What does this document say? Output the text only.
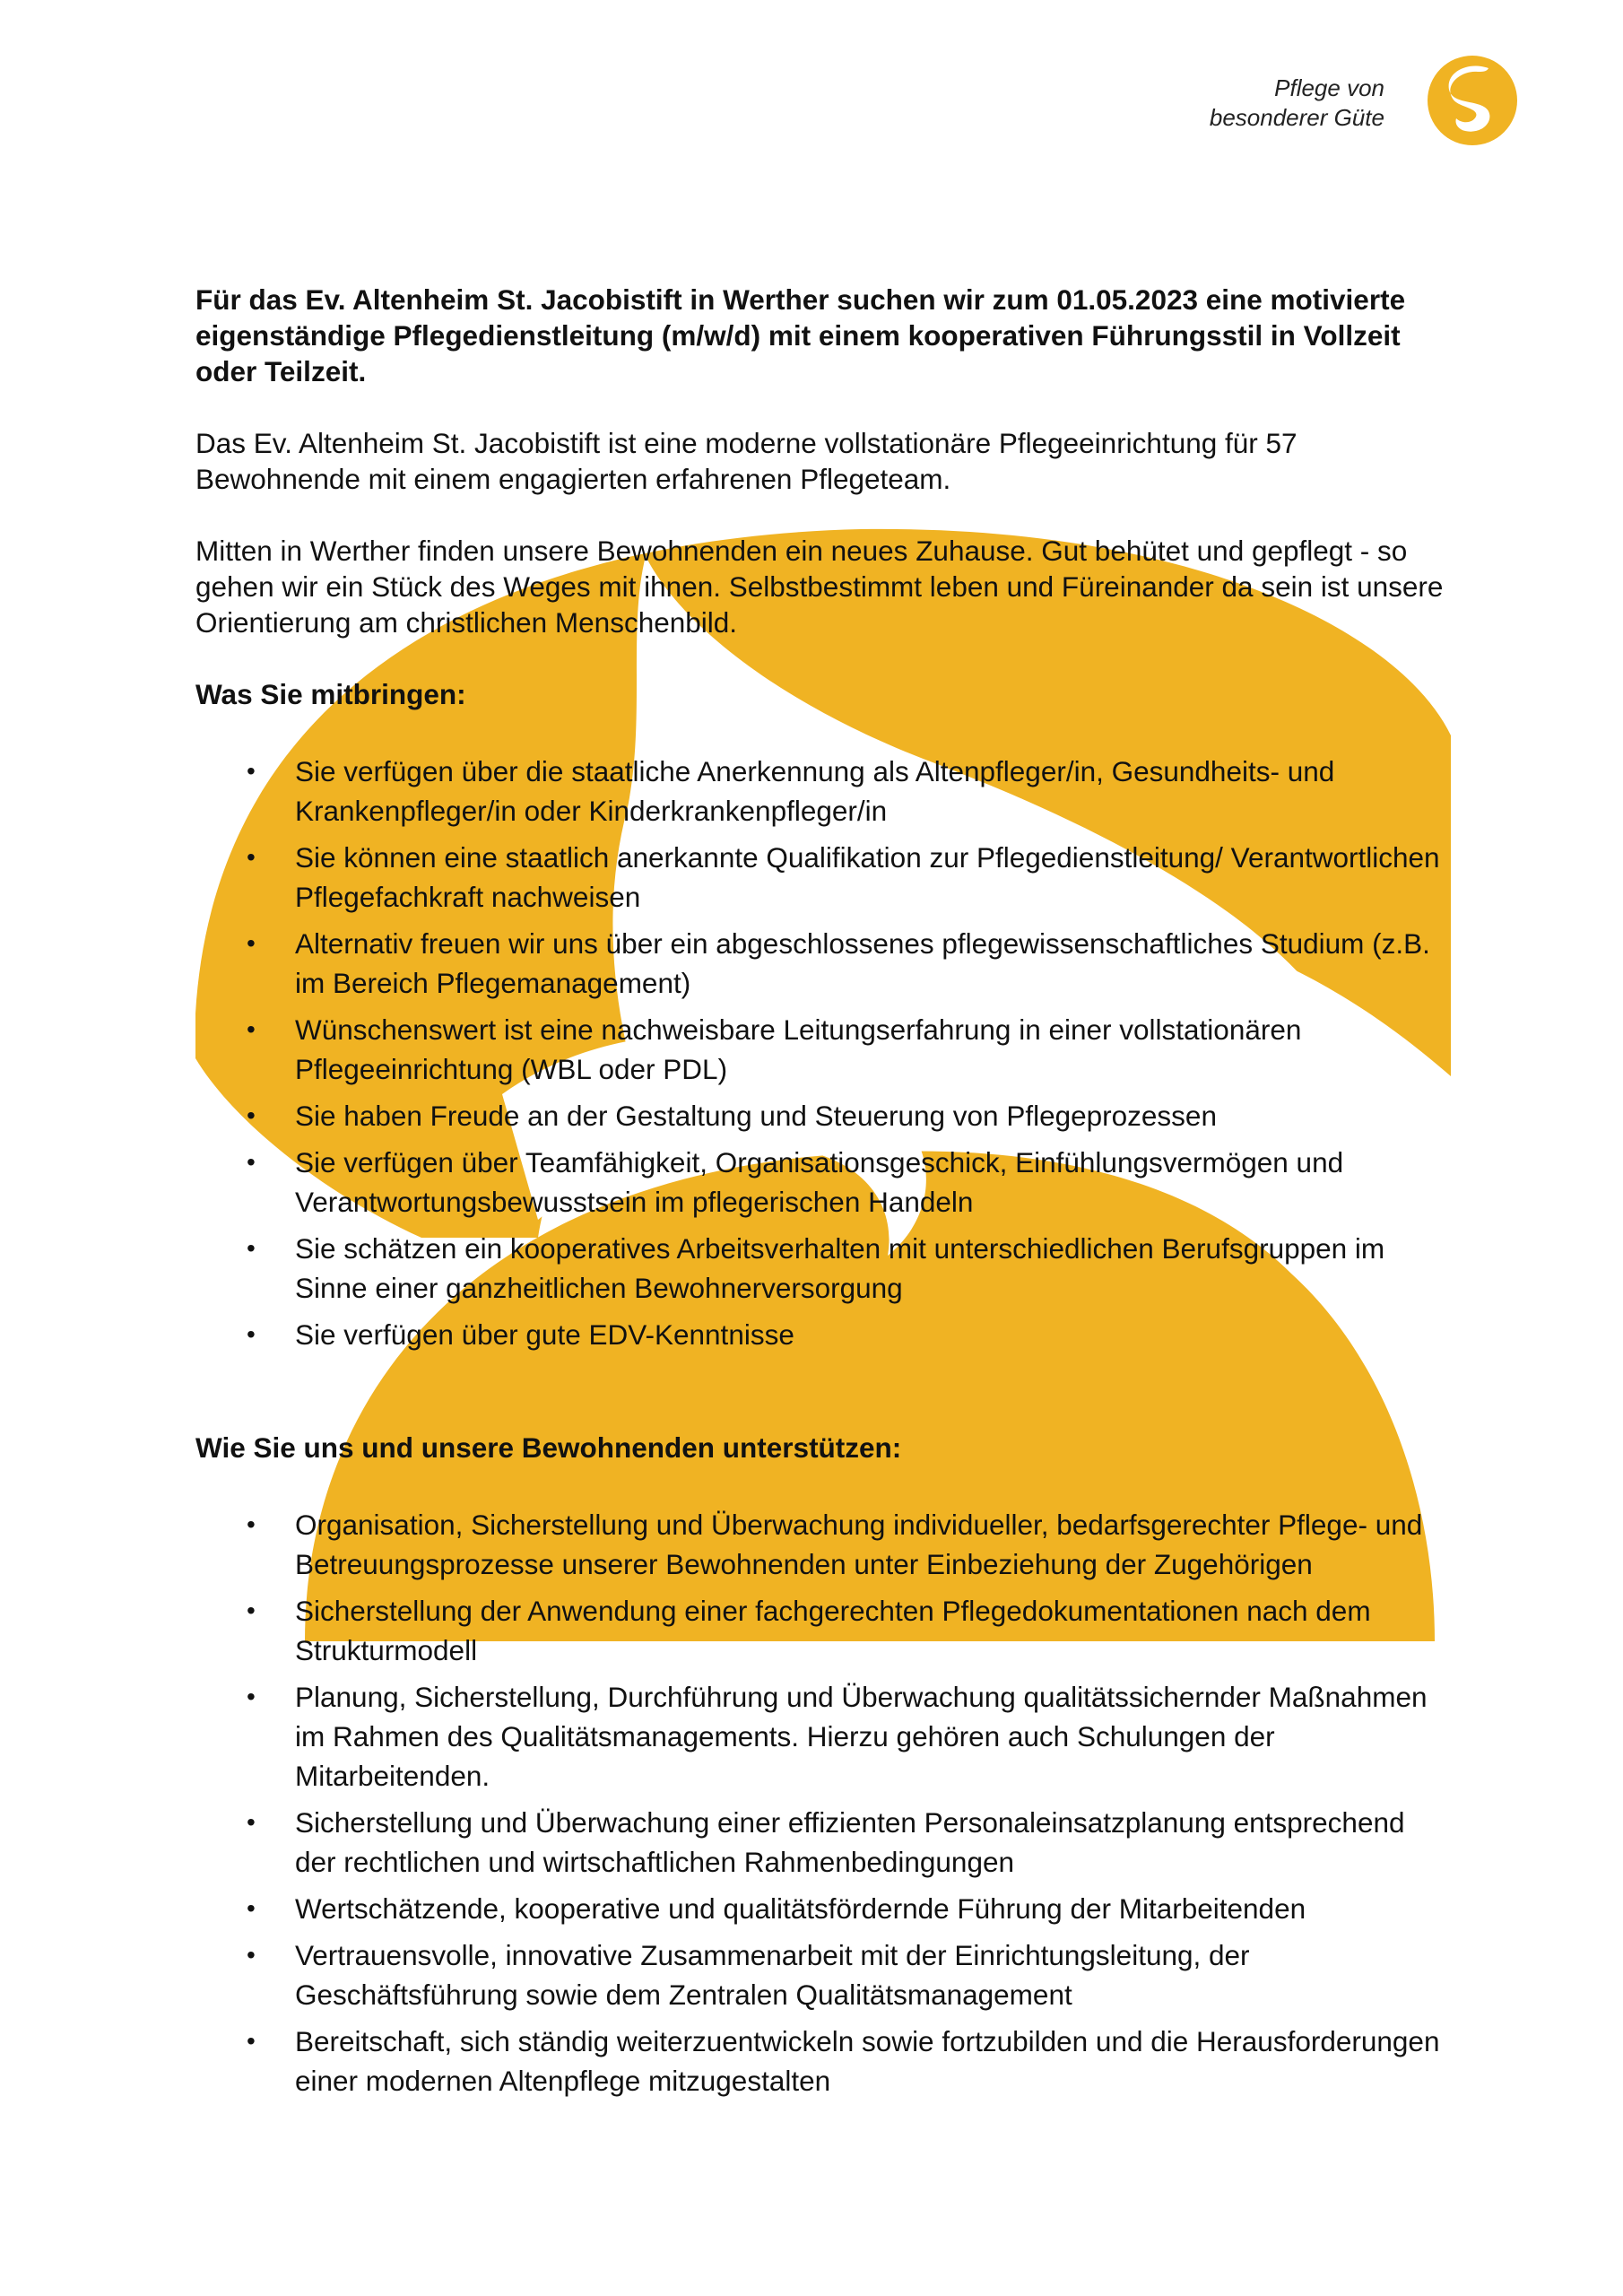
Pflege von
besonderer Güte

Für das Ev. Altenheim St. Jacobistift in Werther suchen wir zum 01.05.2023 eine motivierte eigenständige Pflegedienstleitung (m/w/d) mit einem kooperativen Führungsstil in Vollzeit oder Teilzeit.

Das Ev. Altenheim St. Jacobistift ist eine moderne vollstationäre Pflegeeinrichtung für 57 Bewohnende mit einem engagierten erfahrenen Pflegeteam.

Mitten in Werther finden unsere Bewohnenden ein neues Zuhause. Gut behütet und gepflegt - so gehen wir ein Stück des Weges mit ihnen. Selbstbestimmt leben und Füreinander da sein ist unsere Orientierung am christlichen Menschenbild.

Was Sie mitbringen:

• Sie verfügen über die staatliche Anerkennung als Altenpfleger/in, Gesundheits- und Krankenpfleger/in oder Kinderkrankenpfleger/in
• Sie können eine staatlich anerkannte Qualifikation zur Pflegedienstleitung/ Verantwortlichen Pflegefachkraft nachweisen
• Alternativ freuen wir uns über ein abgeschlossenes pflegewissenschaftliches Studium (z.B. im Bereich Pflegemanagement)
• Wünschenswert ist eine nachweisbare Leitungserfahrung in einer vollstationären Pflegeeinrichtung (WBL oder PDL)
• Sie haben Freude an der Gestaltung und Steuerung von Pflegeprozessen
• Sie verfügen über Teamfähigkeit, Organisationsgeschick, Einfühlungsvermögen und Verantwortungsbewusstsein im pflegerischen Handeln
• Sie schätzen ein kooperatives Arbeitsverhalten mit unterschiedlichen Berufsgruppen im Sinne einer ganzheitlichen Bewohnerversorgung
• Sie verfügen über gute EDV-Kenntnisse

Wie Sie uns und unsere Bewohnenden unterstützen:

• Organisation, Sicherstellung und Überwachung individueller, bedarfsgerechter Pflege- und Betreuungsprozesse unserer Bewohnenden unter Einbeziehung der Zugehörigen
• Sicherstellung der Anwendung einer fachgerechten Pflegedokumentationen nach dem Strukturmodell
• Planung, Sicherstellung, Durchführung und Überwachung qualitätssichernder Maßnahmen im Rahmen des Qualitätsmanagements. Hierzu gehören auch Schulungen der Mitarbeitenden.
• Sicherstellung und Überwachung einer effizienten Personaleinsatzplanung entsprechend der rechtlichen und wirtschaftlichen Rahmenbedingungen
• Wertschätzende, kooperative und qualitätsfördernde Führung der Mitarbeitenden
• Vertrauensvolle, innovative Zusammenarbeit mit der Einrichtungsleitung, der Geschäftsführung sowie dem Zentralen Qualitätsmanagement
• Bereitschaft, sich ständig weiterzuentwickeln sowie fortzubilden und die Herausforderungen einer modernen Altenpflege mitzugestalten
